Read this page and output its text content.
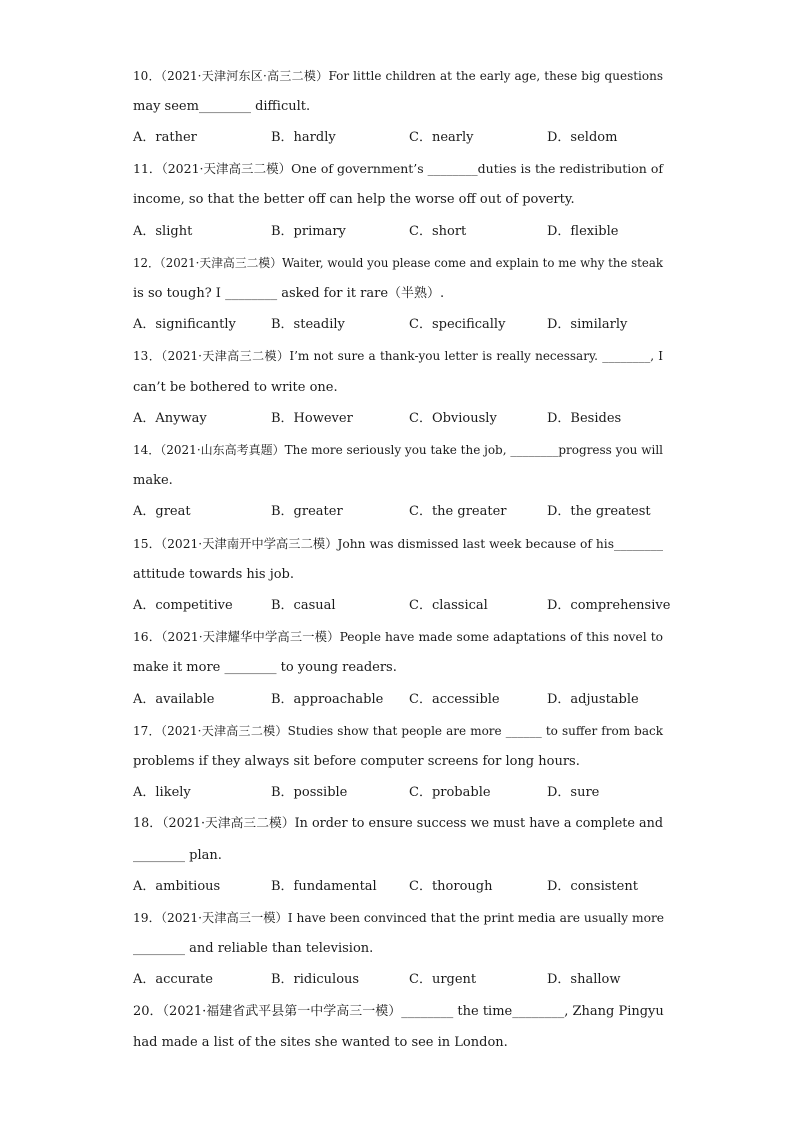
10．（2021·天津河东区·高三二模）For little children at the early age, these big questions
may seem________ difficult.
A．rather	B．hardly	C．nearly	D．seldom
11．（2021·天津高三二模）One of government’s ________duties is the redistribution of
income, so that the better off can help the worse off out of poverty.
A．slight	B．primary	C．short	D．flexible
12．（2021·天津高三二模）Waiter, would you please come and explain to me why the steak
is so tough? I ________ asked for it rare（半熟）.
A．significantly	B．steadily	C．specifically	D．similarly
13．（2021·天津高三二模）I’m not sure a thank-you letter is really necessary. ________, I
can’t be bothered to write one.
A．Anyway	B．However	C．Obviously	D．Besides
14．（2021·山东高考真题）The more seriously you take the job, ________progress you will
make.
A．great	B．greater	C．the greater	D．the greatest
15．（2021·天津南开中学高三二模）John was dismissed last week because of his________
attitude towards his job.
A．competitive	B．casual	C．classical	D．comprehensive
16．（2021·天津耀华中学高三一模）People have made some adaptations of this novel to
make it more ________ to young readers.
A．available	B．approachable C．accessible	D．adjustable
17．（2021·天津高三二模）Studies show that people are more ______ to suffer from back
problems if they always sit before computer screens for long hours.
A．likely	B．possible	C．probable	D．sure
18．（2021·天津高三二模）In order to ensure success we must have a complete and
________ plan.
A．ambitious	B．fundamental C．thorough	D．consistent
19．（2021·天津高三一模）I have been convinced that the print media are usually more
________ and reliable than television.
A．accurate	B．ridiculous	C．urgent	D．shallow
20．（2021·福建省武平县第一中学高三一模）________ the time________, Zhang Pingyu
had made a list of the sites she wanted to see in London.
